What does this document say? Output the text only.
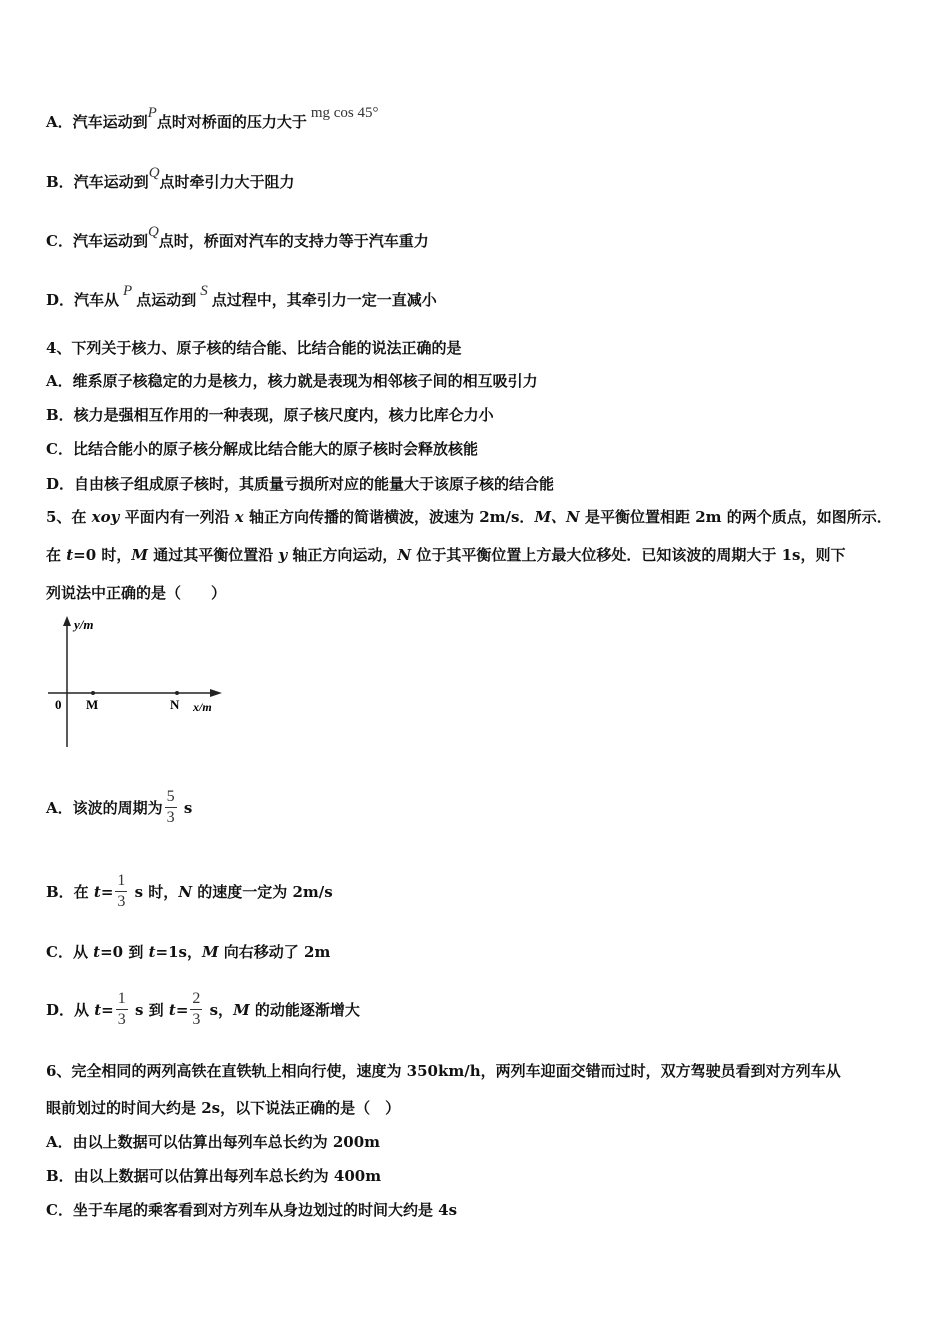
A．汽车运动到P点时对桥面的压力大于 mg cos 45°
B．汽车运动到Q点时牵引力大于阻力
C．汽车运动到Q点时，桥面对汽车的支持力等于汽车重力
D．汽车从 P 点运动到 S 点过程中，其牵引力一定一直减小
4、下列关于核力、原子核的结合能、比结合能的说法正确的是
A．维系原子核稳定的力是核力，核力就是表现为相邻核子间的相互吸引力
B．核力是强相互作用的一种表现，原子核尺度内，核力比库仑力小
C．比结合能小的原子核分解成比结合能大的原子核时会释放核能
D．自由核子组成原子核时，其质量亏损所对应的能量大于该原子核的结合能
5、在 xoy 平面内有一列沿 x 轴正方向传播的简谐横波，波速为 2m/s．M、N 是平衡位置相距 2m 的两个质点，如图所示．
在 t=0 时，M 通过其平衡位置沿 y 轴正方向运动，N 位于其平衡位置上方最大位移处．已知该波的周期大于 1s，则下
列说法中正确的是（　　）
y/m
x/m
0 M	N
A．该波的周期为 $\frac{5}{3}$ s
B．在 $t= \frac{1}{3}$ s 时，N 的速度一定为 2m/s
C．从 t=0 到 t=1s，M 向右移动了 2m
D．从 $t= \frac{1}{3}$ s 到 $t= \frac{2}{3}$ s，M 的动能逐渐增大
6、完全相同的两列高铁在直铁轨上相向行使，速度为 350km/h，两列车迎面交错而过时，双方驾驶员看到对方列车从
眼前划过的时间大约是 2s，以下说法正确的是（　）
A．由以上数据可以估算出每列车总长约为 200m
B．由以上数据可以估算出每列车总长约为 400m
C．坐于车尾的乘客看到对方列车从身边划过的时间大约是 4s
